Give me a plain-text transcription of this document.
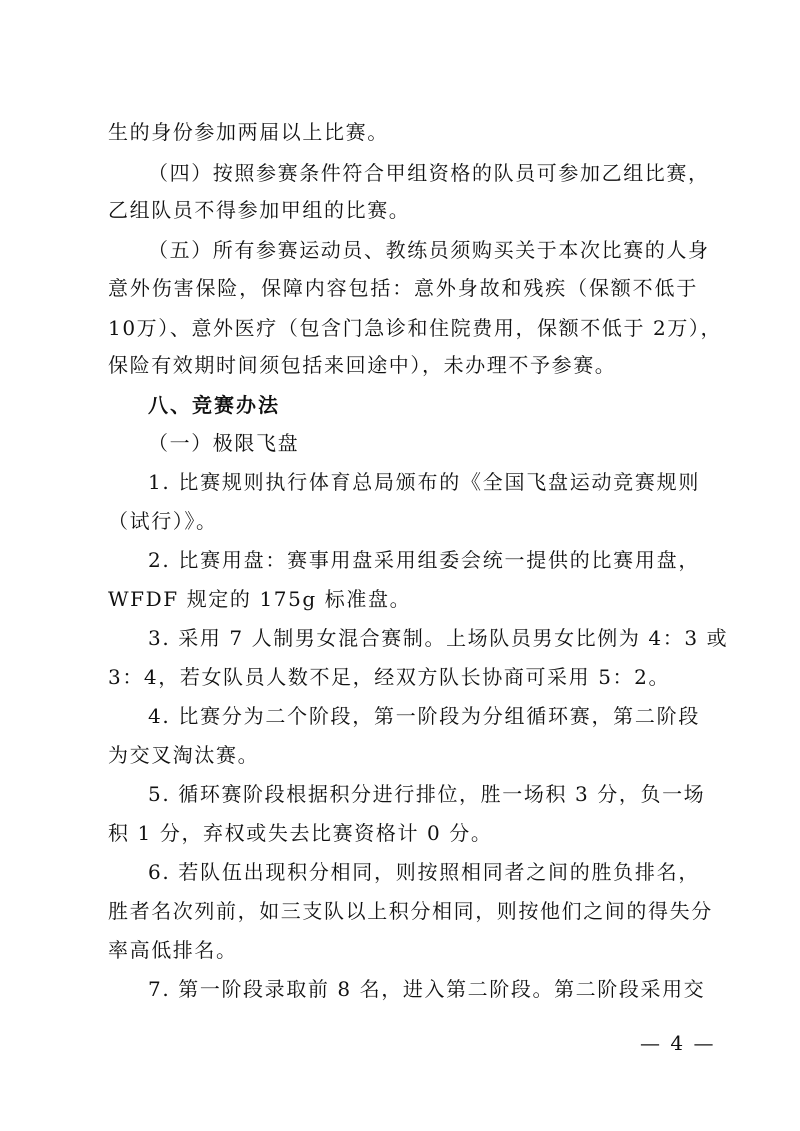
生的身份参加两届以上比赛。
（四）按照参赛条件符合甲组资格的队员可参加乙组比赛，
乙组队员不得参加甲组的比赛。
（五）所有参赛运动员、教练员须购买关于本次比赛的人身
意外伤害保险，保障内容包括：意外身故和残疾（保额不低于
10万）、意外医疗（包含门急诊和住院费用，保额不低于 2万），
保险有效期时间须包括来回途中），未办理不予参赛。
八、竞赛办法
（一）极限飞盘
1. 比赛规则执行体育总局颁布的《全国飞盘运动竞赛规则
（试行）》。
2. 比赛用盘：赛事用盘采用组委会统一提供的比赛用盘，
WFDF 规定的 175g 标准盘。
3. 采用 7 人制男女混合赛制。上场队员男女比例为 4：3 或
3：4，若女队员人数不足，经双方队长协商可采用 5：2。
4. 比赛分为二个阶段，第一阶段为分组循环赛，第二阶段
为交叉淘汰赛。
5. 循环赛阶段根据积分进行排位，胜一场积 3 分，负一场
积 1 分，弃权或失去比赛资格计 0 分。
6. 若队伍出现积分相同，则按照相同者之间的胜负排名，
胜者名次列前，如三支队以上积分相同，则按他们之间的得失分
率高低排名。
7. 第一阶段录取前 8 名，进入第二阶段。第二阶段采用交
— 4 —
